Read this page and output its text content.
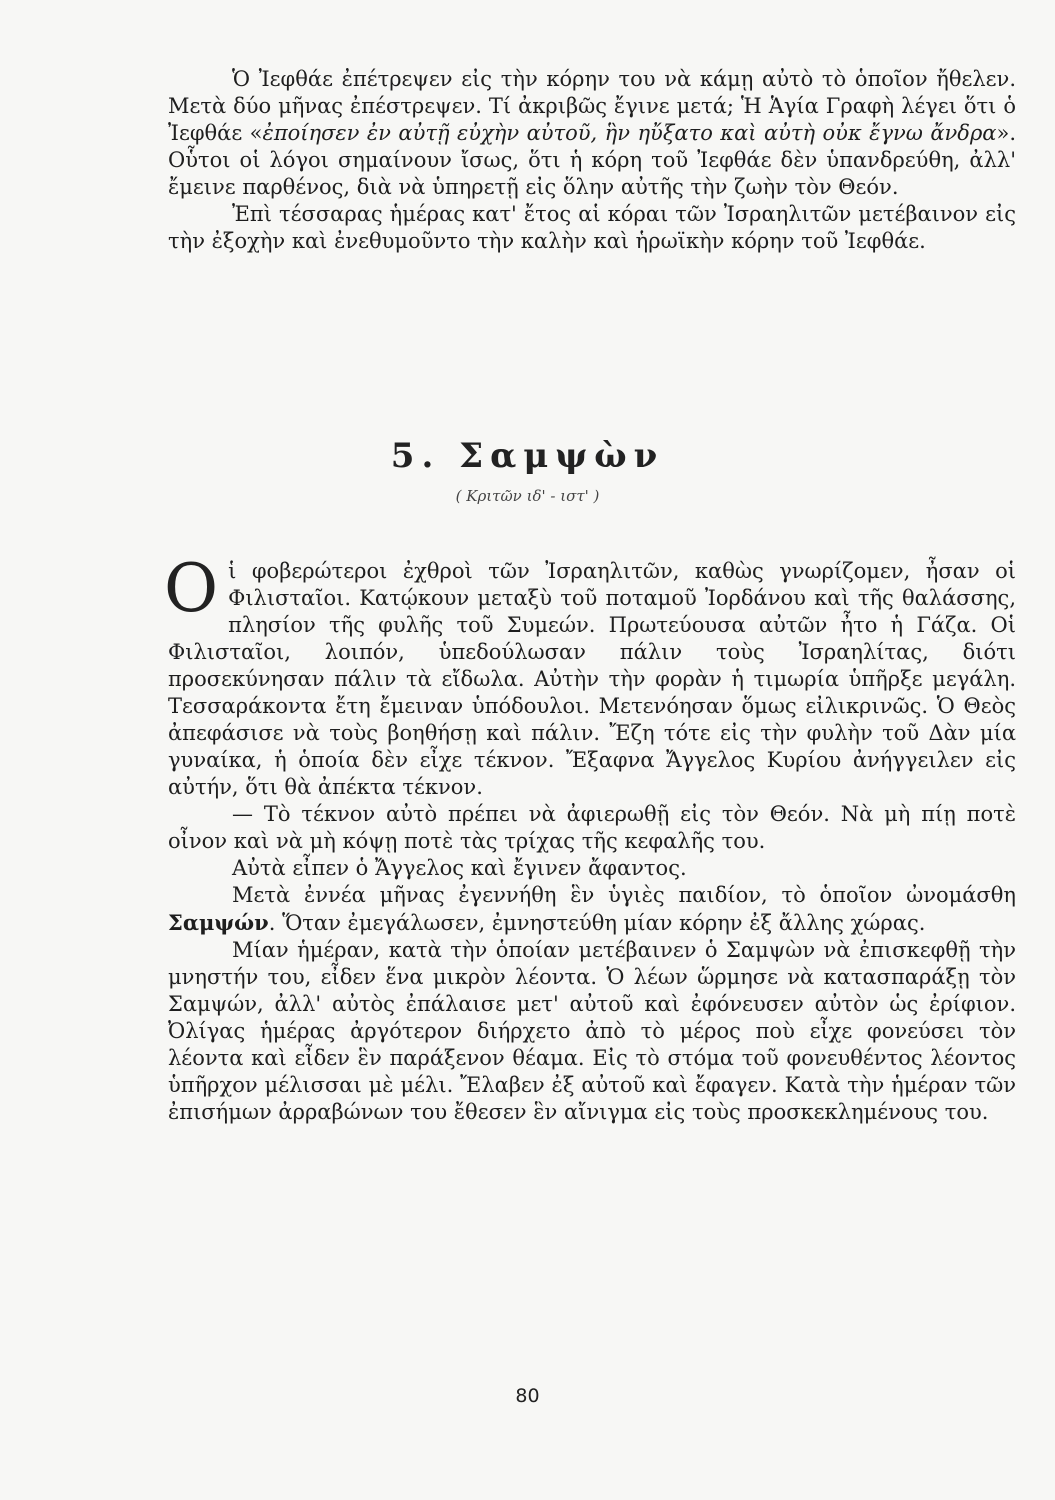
Ὁ Ἰεφθάε ἐπέτρεψεν εἰς τὴν κόρην του νὰ κάμῃ αὐτὸ τὸ ὁποῖον ἤθελεν. Μετὰ δύο μῆνας ἐπέστρεψεν. Τί ἀκριβῶς ἔγινε μετά; Ἡ Ἁγία Γραφὴ λέγει ὅτι ὁ Ἰεφθάε «ἐποίησεν ἐν αὐτῇ εὐχὴν αὐτοῦ, ἣν ηὔξατο καὶ αὐτὴ οὐκ ἔγνω ἄνδρα». Οὗτοι οἱ λόγοι σημαίνουν ἴσως, ὅτι ἡ κόρη τοῦ Ἰεφθάε δὲν ὑπανδρεύθη, ἀλλ' ἔμεινε παρθένος, διὰ νὰ ὑπηρετῇ εἰς ὅλην αὐτῆς τὴν ζωὴν τὸν Θεόν.

Ἐπὶ τέσσαρας ἡμέρας κατ' ἔτος αἱ κόραι τῶν Ἰσραηλιτῶν μετέβαινον εἰς τὴν ἐξοχὴν καὶ ἐνεθυμοῦντο τὴν καλὴν καὶ ἡρωϊκὴν κόρην τοῦ Ἰεφθάε.

5. Σαμψὼν
( Κριτῶν ιδ' - ιστ' )

Οἱ φοβερώτεροι ἐχθροὶ τῶν Ἰσραηλιτῶν, καθὼς γνωρίζομεν, ἦσαν οἱ Φιλισταῖοι. Κατῴκουν μεταξὺ τοῦ ποταμοῦ Ἰορδάνου καὶ τῆς θαλάσσης, πλησίον τῆς φυλῆς τοῦ Συμεών. Πρωτεύουσα αὐτῶν ἦτο ἡ Γάζα. Οἱ Φιλισταῖοι, λοιπόν, ὑπεδούλωσαν πάλιν τοὺς Ἰσραηλίτας, διότι προσεκύνησαν πάλιν τὰ εἴδωλα. Αὐτὴν τὴν φορὰν ἡ τιμωρία ὑπῆρξε μεγάλη. Τεσσαράκοντα ἔτη ἔμειναν ὑπόδουλοι. Μετενόησαν ὅμως εἰλικρινῶς. Ὁ Θεὸς ἀπεφάσισε νὰ τοὺς βοηθήσῃ καὶ πάλιν. Ἔζη τότε εἰς τὴν φυλὴν τοῦ Δὰν μία γυναίκα, ἡ ὁποία δὲν εἶχε τέκνον. Ἔξαφνα Ἄγγελος Κυρίου ἀνήγγειλεν εἰς αὐτήν, ὅτι θὰ ἀπέκτα τέκνον.

— Τὸ τέκνον αὐτὸ πρέπει νὰ ἀφιερωθῇ εἰς τὸν Θεόν. Νὰ μὴ πίῃ ποτὲ οἶνον καὶ νὰ μὴ κόψῃ ποτὲ τὰς τρίχας τῆς κεφαλῆς του.

Αὐτὰ εἶπεν ὁ Ἄγγελος καὶ ἔγινεν ἄφαντος.

Μετὰ ἐννέα μῆνας ἐγεννήθη ἓν ὑγιὲς παιδίον, τὸ ὁποῖον ὠνομάσθη Σαμψών. Ὅταν ἐμεγάλωσεν, ἐμνηστεύθη μίαν κόρην ἐξ ἄλλης χώρας.

Μίαν ἡμέραν, κατὰ τὴν ὁποίαν μετέβαινεν ὁ Σαμψὼν νὰ ἐπισκεφθῇ τὴν μνηστήν του, εἶδεν ἕνα μικρὸν λέοντα. Ὁ λέων ὥρμησε νὰ κατασπαράξῃ τὸν Σαμψών, ἀλλ' αὐτὸς ἐπάλαισε μετ' αὐτοῦ καὶ ἐφόνευσεν αὐτὸν ὡς ἐρίφιον. Ὀλίγας ἡμέρας ἀργότερον διήρχετο ἀπὸ τὸ μέρος ποὺ εἶχε φονεύσει τὸν λέοντα καὶ εἶδεν ἓν παράξενον θέαμα. Εἰς τὸ στόμα τοῦ φονευθέντος λέοντος ὑπῆρχον μέλισσαι μὲ μέλι. Ἔλαβεν ἐξ αὐτοῦ καὶ ἔφαγεν. Κατὰ τὴν ἡμέραν τῶν ἐπισήμων ἀρραβώνων του ἔθεσεν ἓν αἴνιγμα εἰς τοὺς προσκεκλημένους του.

80
